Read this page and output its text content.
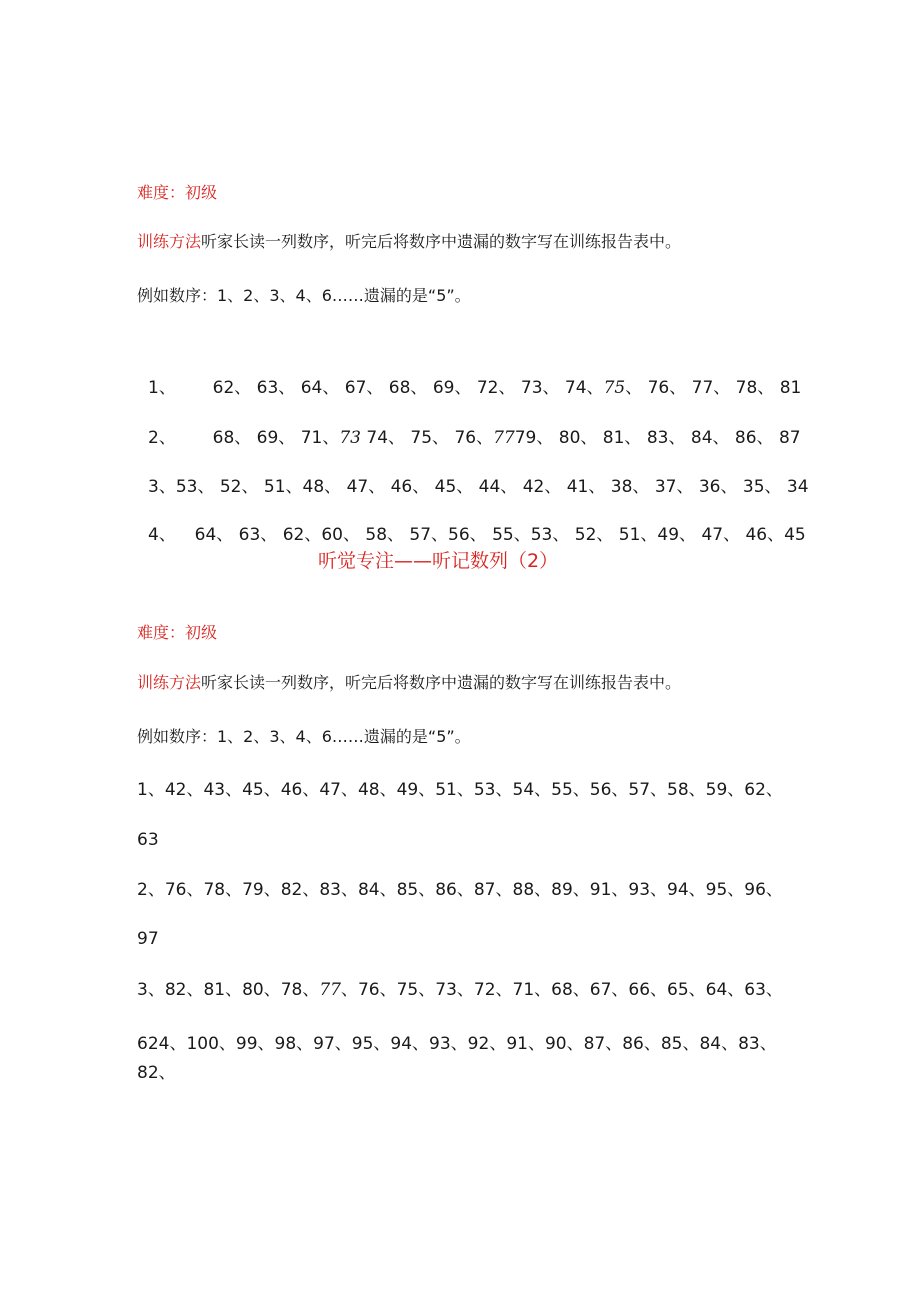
难度：初级
训练方法听家长读一列数序，听完后将数序中遗漏的数字写在训练报告表中。
例如数序：1、2、3、4、6……遗漏的是“5”。
1、 62、 63、 64、 67、 68、 69、 72、 73、 74、75、 76、 77、 78、 81
2、 68、 69、 71、73 74、 75、 76、7779、 80、 81、 83、 84、 86、 87
3、53、 52、 51、48、 47、 46、 45、 44、 42、 41、 38、 37、 36、 35、 34
4、 64、 63、 62、60、 58、 57、56、 55、53、 52、 51、49、 47、 46、45
听觉专注——听记数列（2）
难度：初级
训练方法听家长读一列数序，听完后将数序中遗漏的数字写在训练报告表中。
例如数序：1、2、3、4、6……遗漏的是“5”。
1、42、43、45、46、47、48、49、51、53、54、55、56、57、58、59、62、
63
2、76、78、79、82、83、84、85、86、87、88、89、91、93、94、95、96、
97
3、82、81、80、78、77、76、75、73、72、71、68、67、66、65、64、63、
624、100、99、98、97、95、94、93、92、91、90、87、86、85、84、83、
82、
